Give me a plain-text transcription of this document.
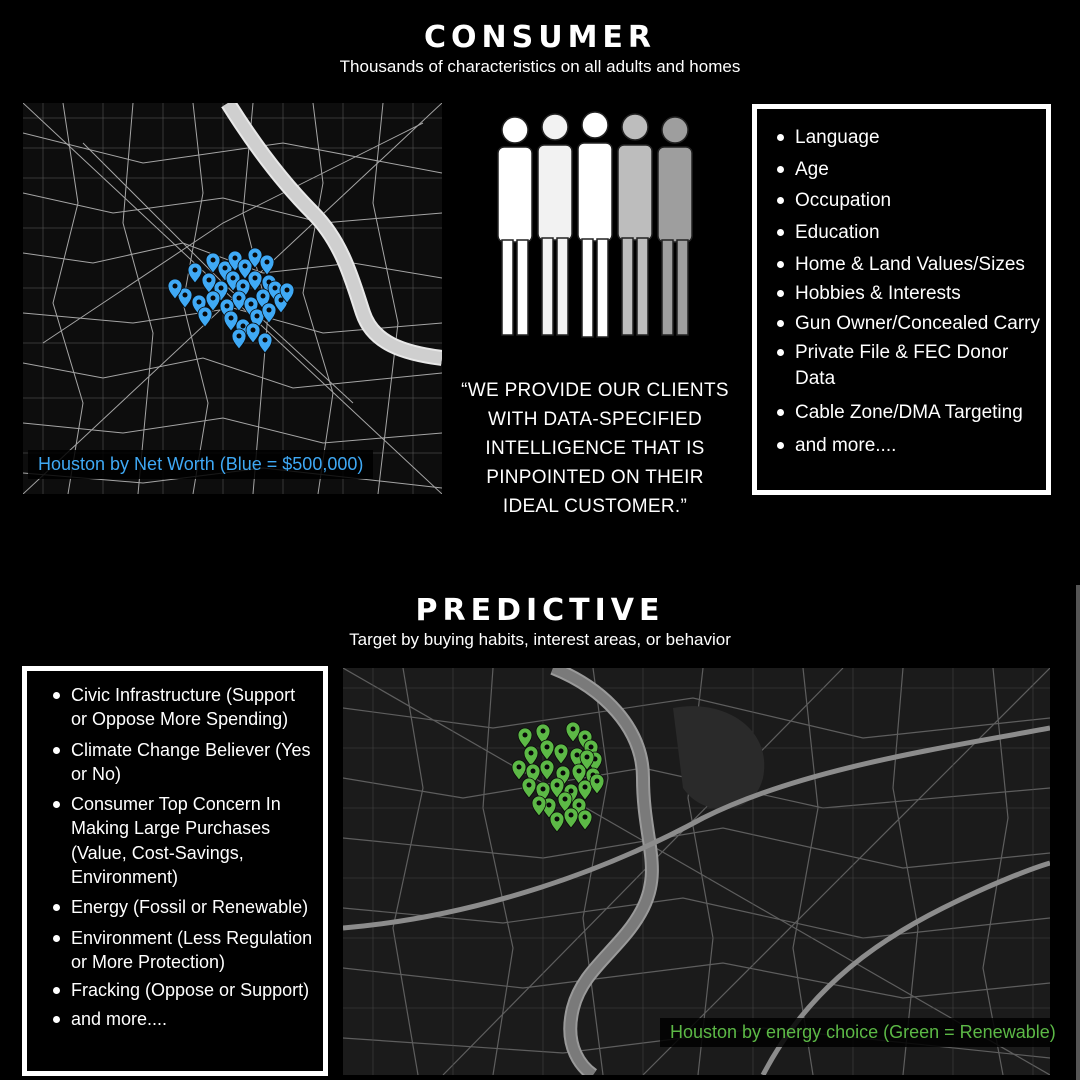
CONSUMER
Thousands of characteristics on all adults and homes
Houston by Net Worth (Blue = $500,000)
“WE PROVIDE OUR CLIENTS WITH DATA-SPECIFIED INTELLIGENCE THAT IS PINPOINTED ON THEIR IDEAL CUSTOMER.”
Language
Age
Occupation
Education
Home & Land Values/Sizes
Hobbies & Interests
Gun Owner/Concealed Carry
Private File & FEC Donor Data
Cable Zone/DMA Targeting
and more....
PREDICTIVE
Target by buying habits, interest areas, or behavior
Civic Infrastructure (Support or Oppose More Spending)
Climate Change Believer (Yes or No)
Consumer Top Concern In Making Large Purchases (Value, Cost-Savings, Environment)
Energy (Fossil or Renewable)
Environment (Less Regulation or More Protection)
Fracking (Oppose or Support)
and more....
Houston by energy choice (Green = Renewable)
